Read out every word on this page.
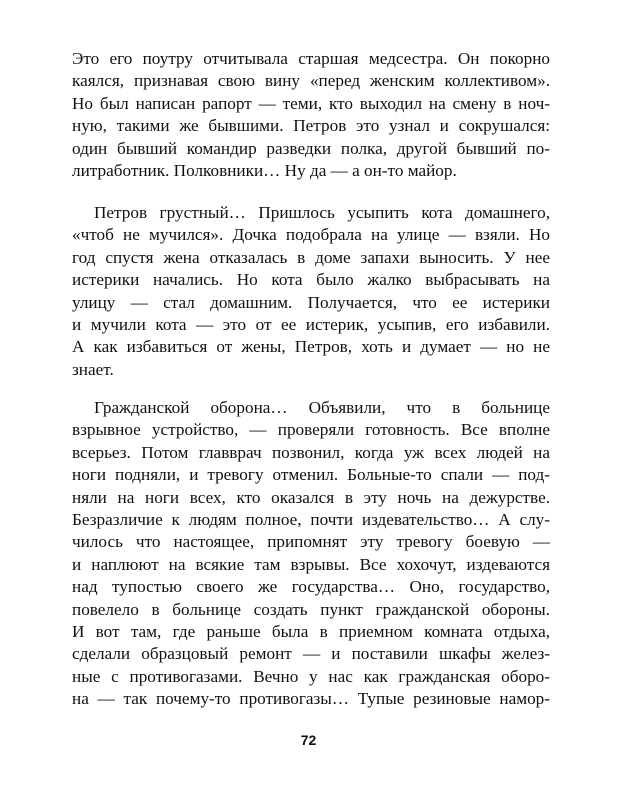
Это его поутру отчитывала старшая медсестра. Он покорно
каялся, признавая свою вину «перед женским коллективом».
Но был написан рапорт — теми, кто выходил на смену в ноч-
ную, такими же бывшими. Петров это узнал и сокрушался:
один бывший командир разведки полка, другой бывший по-
литработник. Полковники… Ну да — а он-то майор.
Петров грустный… Пришлось усыпить кота домашнего,
«чтоб не мучился». Дочка подобрала на улице — взяли. Но
год спустя жена отказалась в доме запахи выносить. У нее
истерики начались. Но кота было жалко выбрасывать на
улицу — стал домашним. Получается, что ее истерики
и мучили кота — это от ее истерик, усыпив, его избавили.
А как избавиться от жены, Петров, хоть и думает — но не
знает.
Гражданской оборона… Объявили, что в больнице
взрывное устройство, — проверяли готовность. Все вполне
всерьез. Потом главврач позвонил, когда уж всех людей на
ноги подняли, и тревогу отменил. Больные-то спали — под-
няли на ноги всех, кто оказался в эту ночь на дежурстве.
Безразличие к людям полное, почти издевательство… А слу-
чилось что настоящее, припомнят эту тревогу боевую —
и наплюют на всякие там взрывы. Все хохочут, издеваются
над тупостью своего же государства… Оно, государство,
повелело в больнице создать пункт гражданской обороны.
И вот там, где раньше была в приемном комната отдыха,
сделали образцовый ремонт — и поставили шкафы желез-
ные с противогазами. Вечно у нас как гражданская оборо-
на — так почему-то противогазы… Тупые резиновые намор-
72
